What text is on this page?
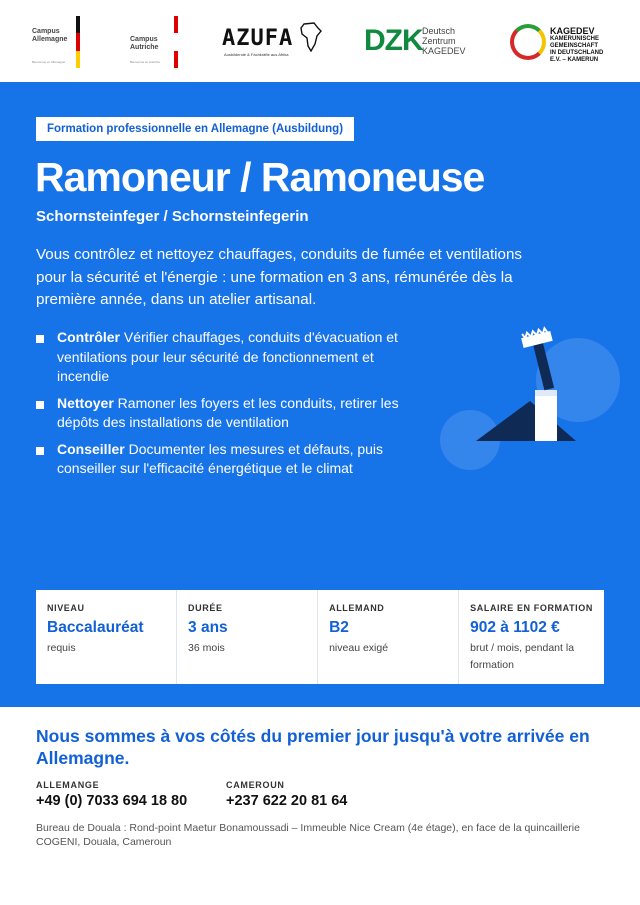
Campus
Allemagne
Bienvenue en Allemagne
Campus
Autriche
Bienvenue en Autriche
AZUFA
Ausbildende & Fachkräfte aus Afrika	DZK Deutsch
Zentrum
KAGEDEV
KAGEDEV
KAMERUNISCHE
GEMEINSCHAFT
IN DEUTSCHLAND
E.V. – KAMERUN
Formation professionnelle en Allemagne (Ausbildung)
Ramoneur / Ramoneuse
Schornsteinfeger / Schornsteinfegerin

Vous contrôlez et nettoyez chauffages, conduits de fumée et ventilations pour la sécurité et l'énergie : une formation en 3 ans, rémunérée dès la première année, dans un atelier artisanal.

Contrôler Vérifier chauffages, conduits d'évacuation et ventilations pour leur sécurité de fonctionnement et incendie
Nettoyer Ramoner les foyers et les conduits, retirer les dépôts des installations de ventilation
Conseiller Documenter les mesures et défauts, puis conseiller sur l'efficacité énergétique et le climat
NIVEAU
Baccalauréat
requis
DURÉE
3 ans
36 mois
ALLEMAND
B2
niveau exigé
SALAIRE EN FORMATION
902 à 1102 €
brut / mois, pendant la formation
Nous sommes à vos côtés du premier jour jusqu'à votre arrivée en Allemagne.
ALLEMANGE
+49 (0) 7033 694 18 80
CAMEROUN
+237 622 20 81 64
Bureau de Douala : Rond-point Maetur Bonamoussadi – Immeuble Nice Cream (4e étage), en face de la quincaillerie COGENI, Douala, Cameroun
